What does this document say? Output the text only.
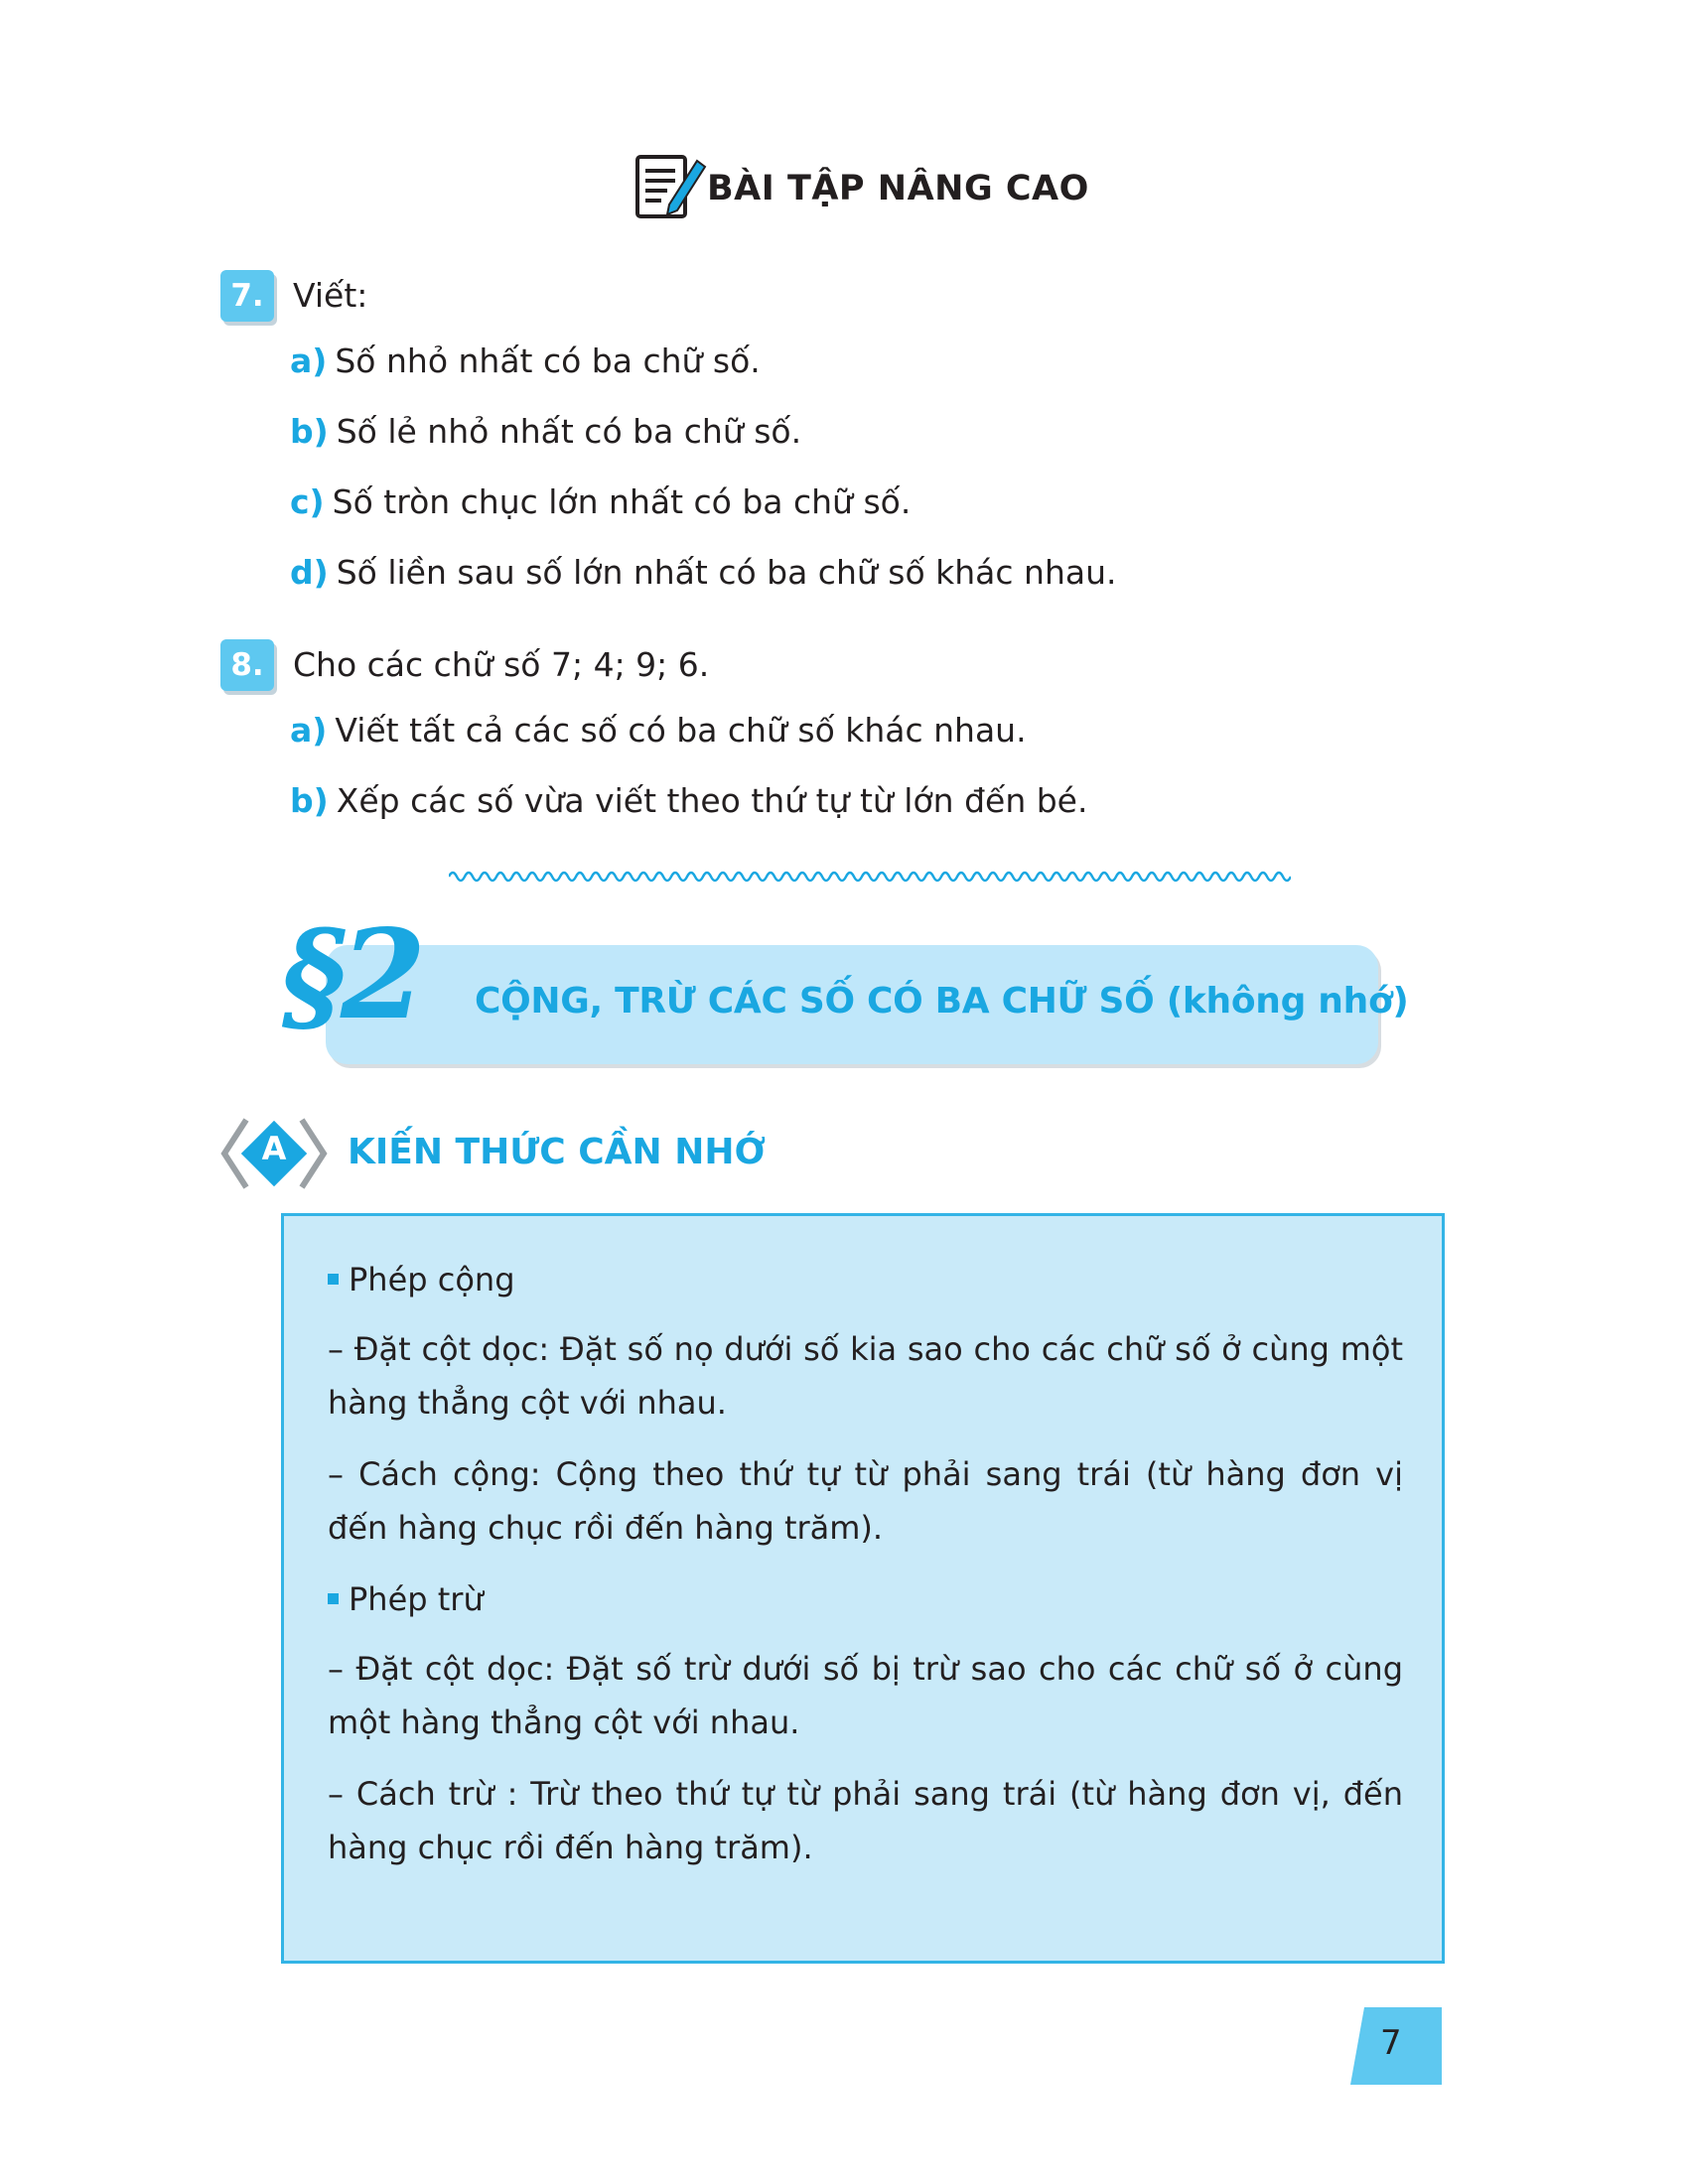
BÀI TẬP NÂNG CAO
7. Viết:
a) Số nhỏ nhất có ba chữ số.
b) Số lẻ nhỏ nhất có ba chữ số.
c) Số tròn chục lớn nhất có ba chữ số.
d) Số liền sau số lớn nhất có ba chữ số khác nhau.
8. Cho các chữ số 7; 4; 9; 6.
a) Viết tất cả các số có ba chữ số khác nhau.
b) Xếp các số vừa viết theo thứ tự từ lớn đến bé.
§2 CỘNG, TRỪ CÁC SỐ CÓ BA CHỮ SỐ (không nhớ)
A KIẾN THỨC CẦN NHỚ
Phép cộng
– Đặt cột dọc: Đặt số nọ dưới số kia sao cho các chữ số ở cùng một hàng thẳng cột với nhau.
– Cách cộng: Cộng theo thứ tự từ phải sang trái (từ hàng đơn vị đến hàng chục rồi đến hàng trăm).
Phép trừ
– Đặt cột dọc: Đặt số trừ dưới số bị trừ sao cho các chữ số ở cùng một hàng thẳng cột với nhau.
– Cách trừ : Trừ theo thứ tự từ phải sang trái (từ hàng đơn vị, đến hàng chục rồi đến hàng trăm).
7
